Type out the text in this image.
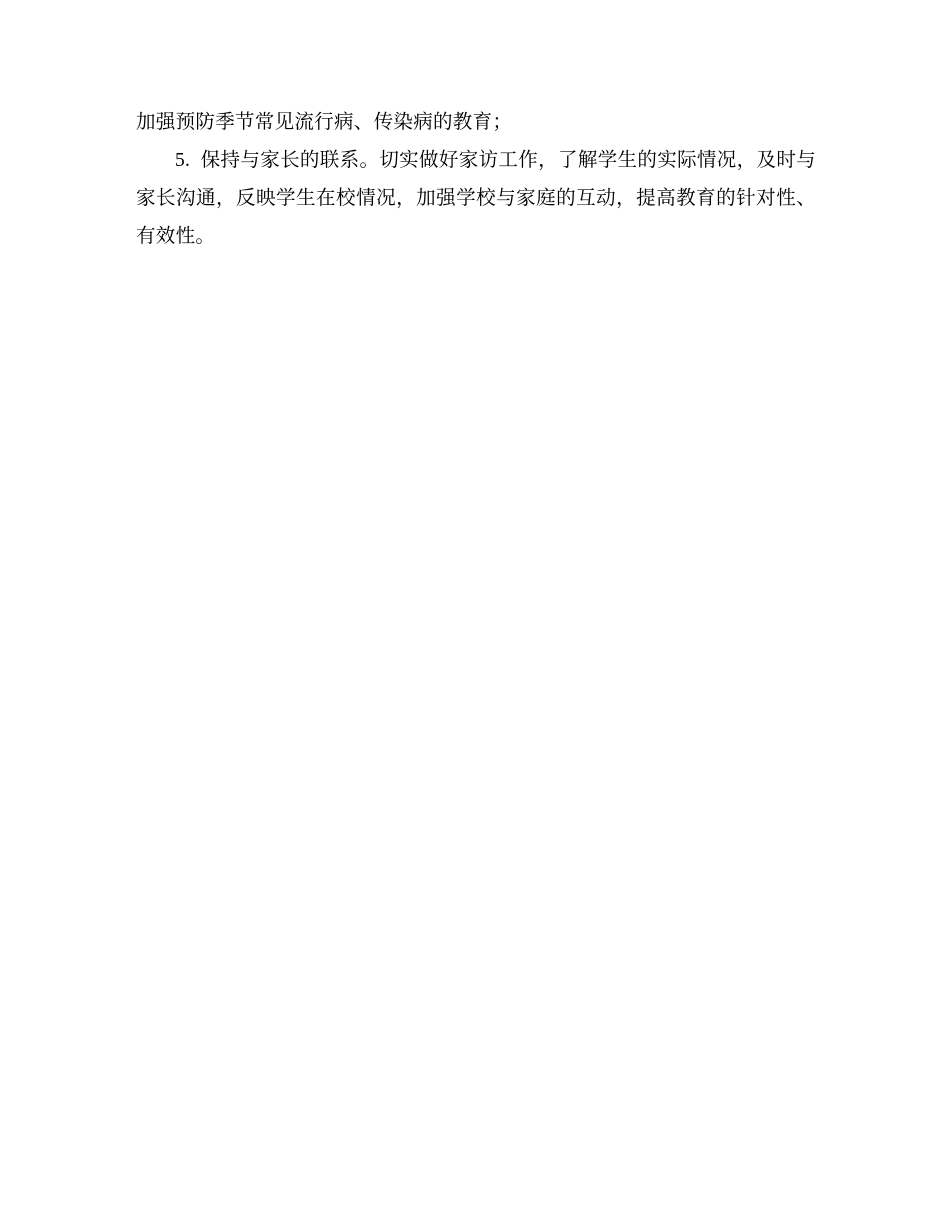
加强预防季节常见流行病、传染病的教育；

5.  保持与家长的联系。切实做好家访工作，了解学生的实际情况，及时与家长沟通，反映学生在校情况，加强学校与家庭的互动，提高教育的针对性、有效性。
